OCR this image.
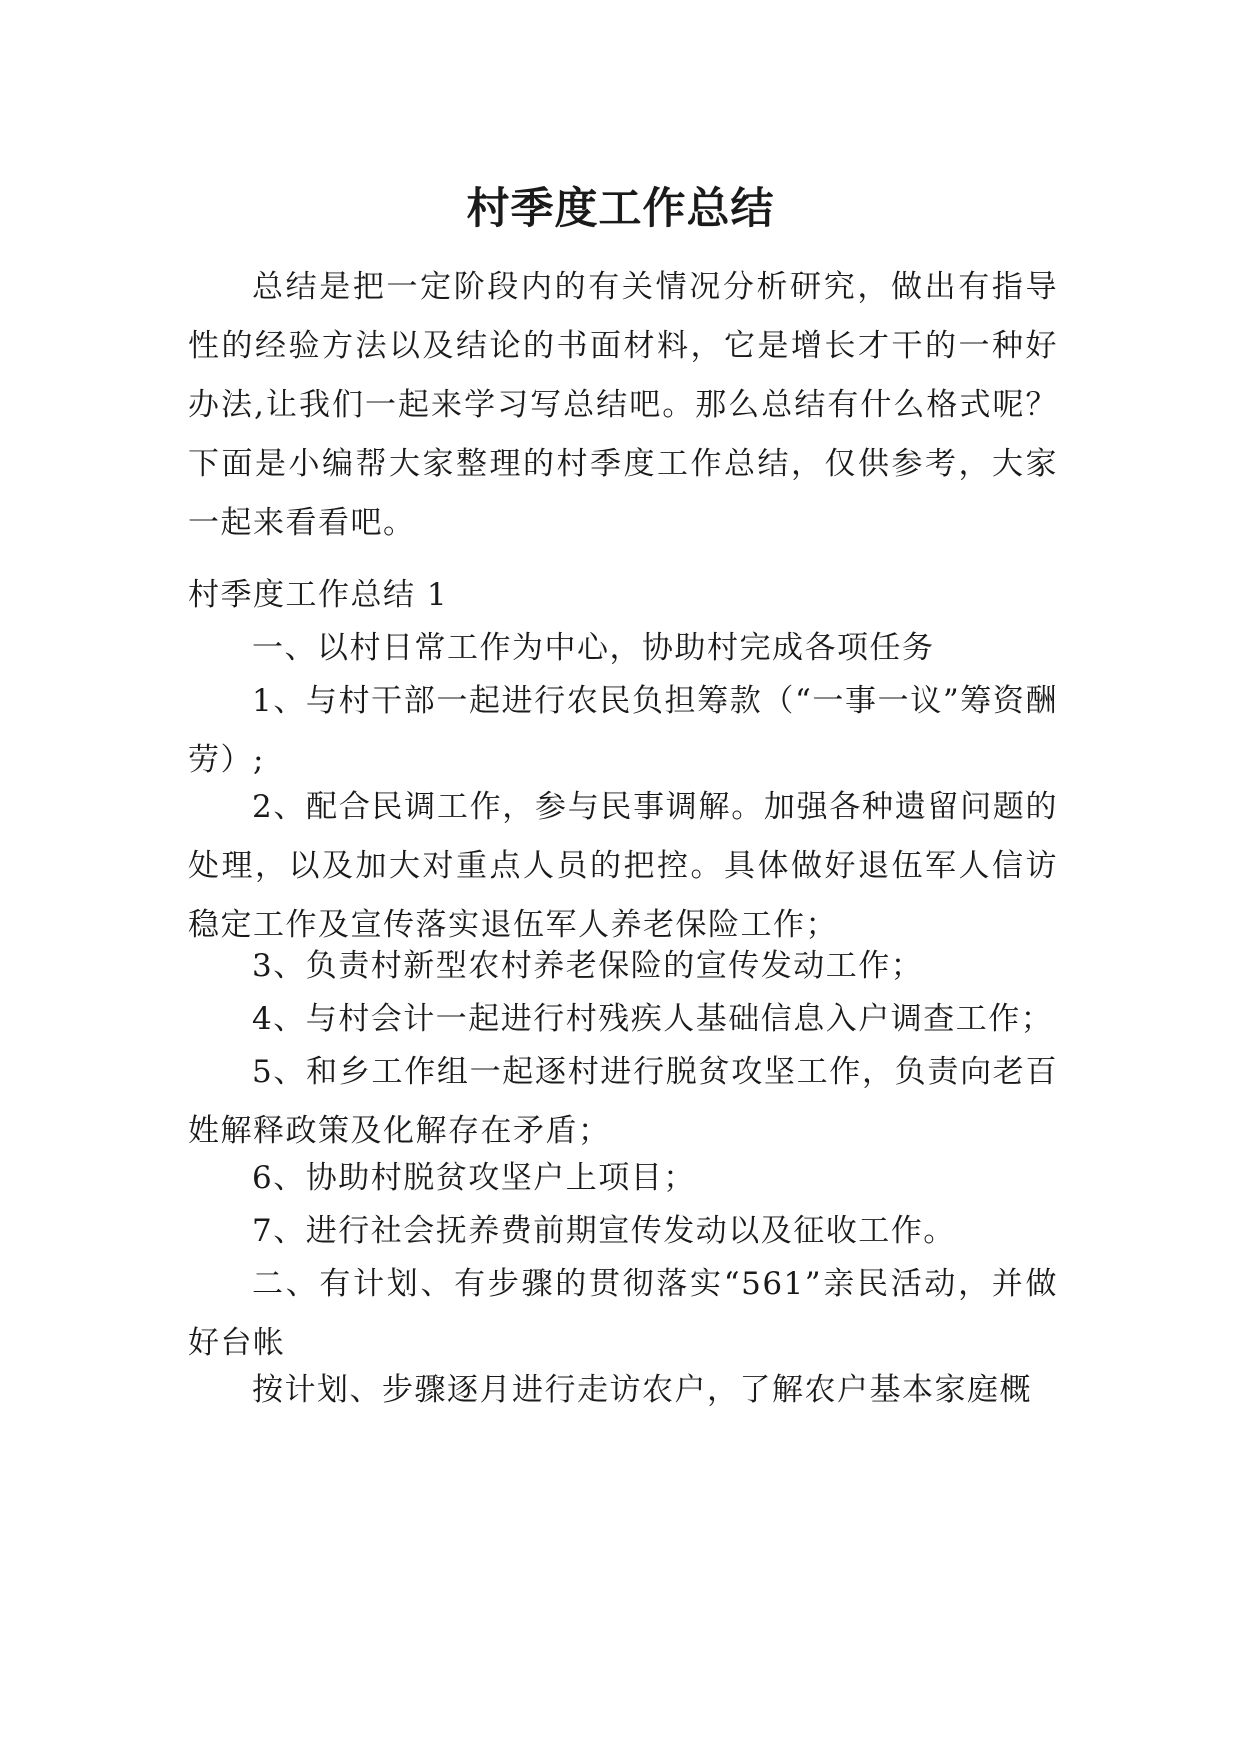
村季度工作总结

总结是把一定阶段内的有关情况分析研究，做出有指导性的经验方法以及结论的书面材料，它是增长才干的一种好办法,让我们一起来学习写总结吧。那么总结有什么格式呢？下面是小编帮大家整理的村季度工作总结，仅供参考，大家一起来看看吧。

村季度工作总结 1

一、以村日常工作为中心，协助村完成各项任务

1、与村干部一起进行农民负担筹款（“一事一议”筹资酬劳）;

2、配合民调工作，参与民事调解。加强各种遗留问题的处理，以及加大对重点人员的把控。具体做好退伍军人信访稳定工作及宣传落实退伍军人养老保险工作；

3、负责村新型农村养老保险的宣传发动工作；

4、与村会计一起进行村残疾人基础信息入户调查工作；

5、和乡工作组一起逐村进行脱贫攻坚工作，负责向老百姓解释政策及化解存在矛盾；

6、协助村脱贫攻坚户上项目；

7、进行社会抚养费前期宣传发动以及征收工作。

二、有计划、有步骤的贯彻落实“561”亲民活动，并做好台帐

按计划、步骤逐月进行走访农户，了解农户基本家庭概
